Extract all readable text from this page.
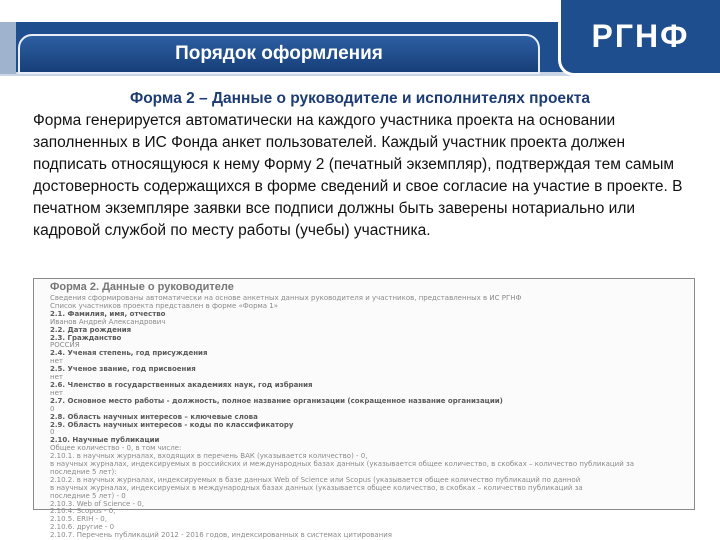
Порядок оформления	РГНФ
Форма 2 – Данные о руководителе и исполнителях проекта
Форма генерируется автоматически на каждого участника проекта на основании заполненных в ИС Фонда анкет пользователей. Каждый участник проекта должен подписать относящуюся к нему Форму 2 (печатный экземпляр), подтверждая тем самым достоверность содержащихся в форме сведений и свое согласие на участие в проекте. В печатном экземпляре заявки все подписи должны быть заверены нотариально или кадровой службой по месту работы (учебы) участника.
Форма 2. Данные о руководителе
Сведения сформированы автоматически на основе анкетных данных руководителя и участников, представленных в ИС РГНФ
Список участников проекта представлен в форме «Форма 1»
2.1. Фамилия, имя, отчество
Иванов Андрей Александрович
2.2. Дата рождения
2.3. Гражданство
РОССИЯ
2.4. Ученая степень, год присуждения
нет
2.5. Ученое звание, год присвоения
нет
2.6. Членство в государственных академиях наук, год избрания
нет
2.7. Основное место работы - должность, полное название организации (сокращенное название организации)
0
2.8. Область научных интересов – ключевые слова
2.9. Область научных интересов - коды по классификатору
0
2.10. Научные публикации
Общее количество - 0, в том числе:
2.10.1. в научных журналах, входящих в перечень ВАК (указывается количество) - 0,
в научных журналах, индексируемых в российских и международных базах данных (указывается общее количество, в скобках – количество публикаций за
последние 5 лет):
2.10.2. в научных журналах, индексируемых в базе данных Web of Science или Scopus (указывается общее количество публикаций по данной
в научных журналах, индексируемых в международных базах данных (указывается общее количество, в скобках – количество публикаций за
последние 5 лет) - 0
2.10.3. Web of Science - 0,
2.10.4. Scopus - 0,
2.10.5. ERIH - 0,
2.10.6. другие - 0
2.10.7. Перечень публикаций 2012 - 2016 годов, индексированных в системах цитирования
